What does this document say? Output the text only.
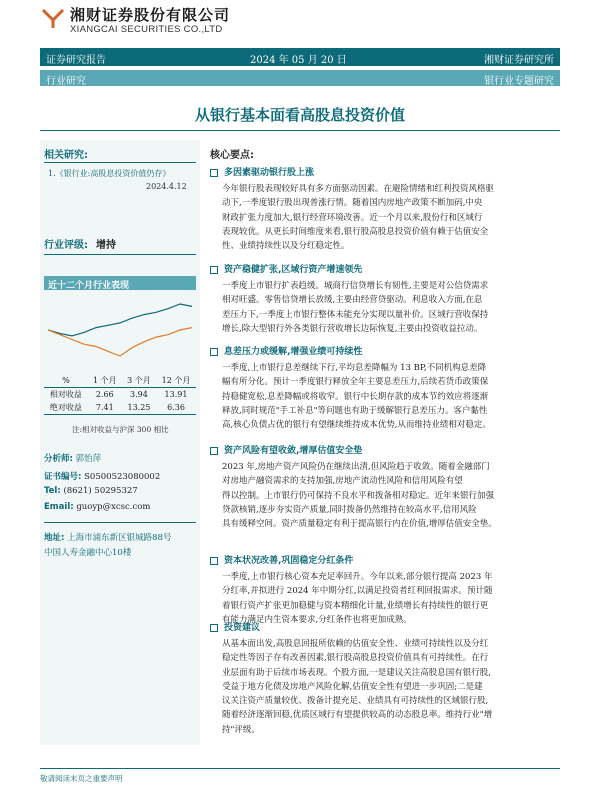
湘财证券股份有限公司
XIANGCAI SECURITIES CO.,LTD
证券研究报告	2024 年 05 月 20 日	湘财证券研究所
行业研究	银行业专题研究
从银行基本面看高股息投资价值
相关研究:
1.《银行业:高股息投资价值仍存》
2024.4.12
行业评级: 增持
近十二个月行业表现
%	1 个月	3 个月	12 个月
相对收益	2.66	3.94	13.91
绝对收益	7.41	13.25	6.36
注:相对收益与沪深 300 相比
分析师: 郭怡萍
证书编号: S0500523080002
Tel: (8621) 50295327
Email: guoyp@xcsc.com
地址: 上海市浦东新区银城路88号
中国人寿金融中心10楼
核心要点:
多因素驱动银行股上涨
今年银行股表现较好具有多方面驱动因素。在避险情绪和红利投资风格驱
动下,一季度银行股出现普涨行情。随着国内房地产政策不断加码,中央
财政扩张力度加大,银行经营环境改善。近一个月以来,股份行和区域行
表现较优。从更长时间维度来看,银行股高股息投资价值有赖于估值安全
性、业绩持续性以及分红稳定性。
资产稳健扩张,区域行资产增速领先
一季度上市银行扩表趋缓。城商行信贷增长有韧性,主要是对公信贷需求
相对旺盛。零售信贷增长放缓,主要由经营贷驱动。利息收入方面,在息
差压力下,一季度上市银行整体未能充分实现以量补价。区域行营收保持
增长,除大型银行外各类银行营收增长边际恢复,主要由投资收益拉动。
息差压力或缓解,增强业绩可持续性
一季度,上市银行息差继续下行,平均息差降幅为 13 BP,不同机构息差降
幅有所分化。预计一季度银行释放全年主要息差压力,后续若货币政策保
持稳健宽松,息差降幅或将收窄。银行中长期存款的成本节约效应将逐渐
释放,同时规范"手工补息"等问题也有助于缓解银行息差压力。客户黏性
高,核心负债占优的银行有望继续维持成本优势,从而维持业绩相对稳定。
资产风险有望收敛,增厚估值安全垫
2023 年,房地产资产风险仍在继续出清,但风险趋于收敛。随着金融部门
对房地产融资需求的支持加强,房地产流动性风险和信用风险有望
得以控制。上市银行仍可保持不良水平和拨备相对稳定。近年来银行加强
贷款核销,逐步夯实资产质量,同时拨备仍然维持在较高水平,信用风险
具有缓释空间。资产质量稳定有利于提高银行内在价值,增厚估值安全垫。
资本状况改善,巩固稳定分红条件
一季度,上市银行核心资本充足率回升。今年以来,部分银行提高 2023 年
分红率,并拟进行 2024 年中期分红,以满足投资者红利回报需求。预计随
着银行资产扩张更加稳健与资本精细化计量,业绩增长有持续性的银行更
有能力满足内生资本要求,分红条件也将更加成熟。
投资建议
从基本面出发,高股息回报所依赖的估值安全性、业绩可持续性以及分红
稳定性等因子存有改善因素,银行股高股息投资价值具有可持续性。在行
业层面有助于后续市场表现。个股方面,一是建议关注高股息国有银行股,
受益于地方化债及房地产风险化解,估值安全性有望进一步巩固;二是建
议关注资产质量较优、拨备计提充足、业绩具有可持续性的区域银行股,
随着经济逐渐回稳,优质区域行有望提供较高的动态股息率。维持行业"增
持"评级。
敬请阅读末页之重要声明
